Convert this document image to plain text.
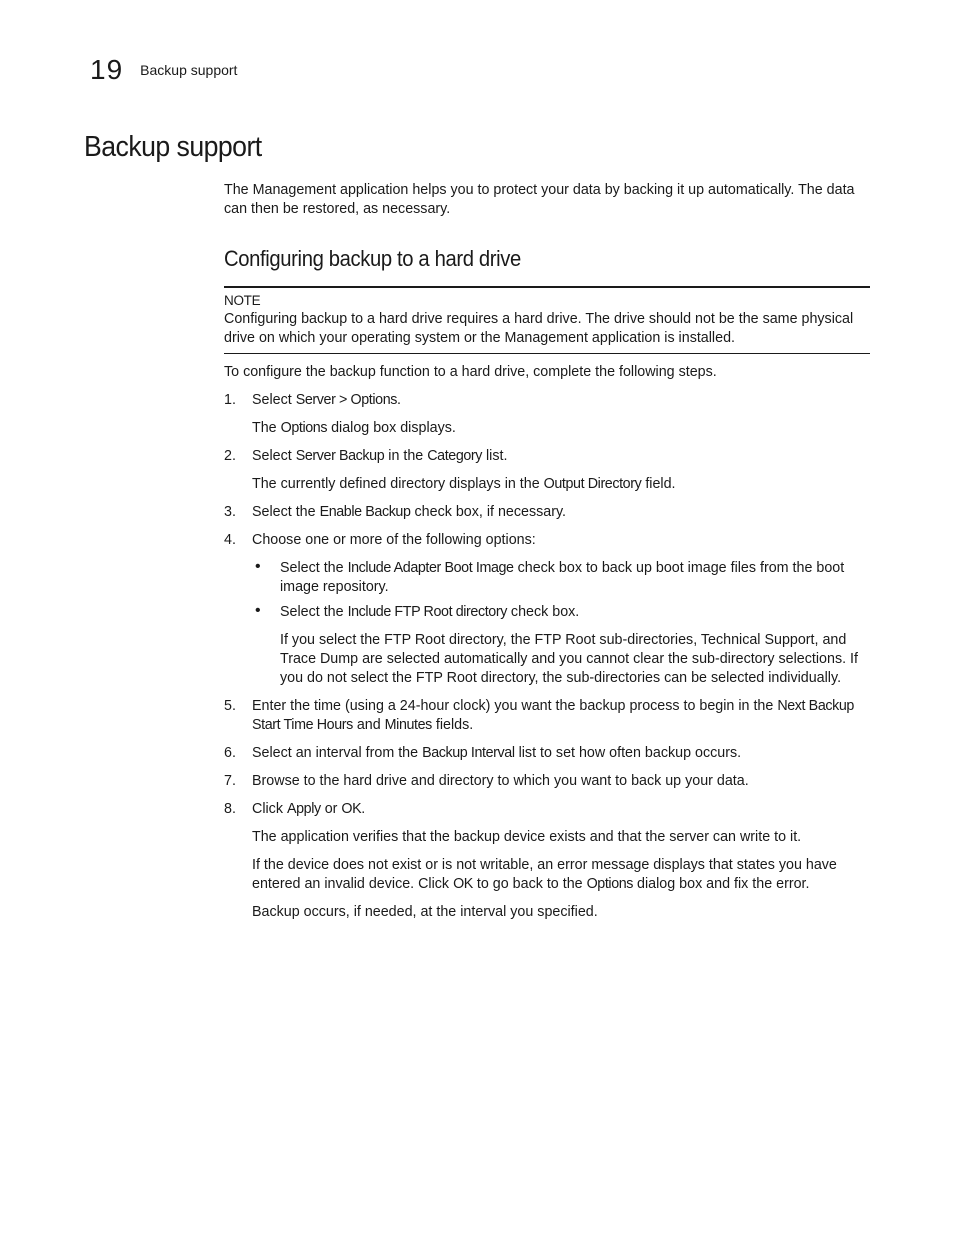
19 Backup support
Backup support

The Management application helps you to protect your data by backing it up automatically. The data can then be restored, as necessary.

Configuring backup to a hard drive
NOTE

Configuring backup to a hard drive requires a hard drive. The drive should not be the same physical drive on which your operating system or the Management application is installed.

To configure the backup function to a hard drive, complete the following steps.

1. Select Server > Options.

The Options dialog box displays.

2. Select Server Backup in the Category list.

The currently defined directory displays in the Output Directory field.

3. Select the Enable Backup check box, if necessary.

4. Choose one or more of the following options:

• Select the Include Adapter Boot Image check box to back up boot image files from the boot image repository.

• Select the Include FTP Root directory check box.

If you select the FTP Root directory, the FTP Root sub-directories, Technical Support, and Trace Dump are selected automatically and you cannot clear the sub-directory selections. If you do not select the FTP Root directory, the sub-directories can be selected individually.

5. Enter the time (using a 24-hour clock) you want the backup process to begin in the Next Backup Start Time Hours and Minutes fields.

6. Select an interval from the Backup Interval list to set how often backup occurs.

7. Browse to the hard drive and directory to which you want to back up your data.

8. Click Apply or OK.

The application verifies that the backup device exists and that the server can write to it.

If the device does not exist or is not writable, an error message displays that states you have entered an invalid device. Click OK to go back to the Options dialog box and fix the error.

Backup occurs, if needed, at the interval you specified.
